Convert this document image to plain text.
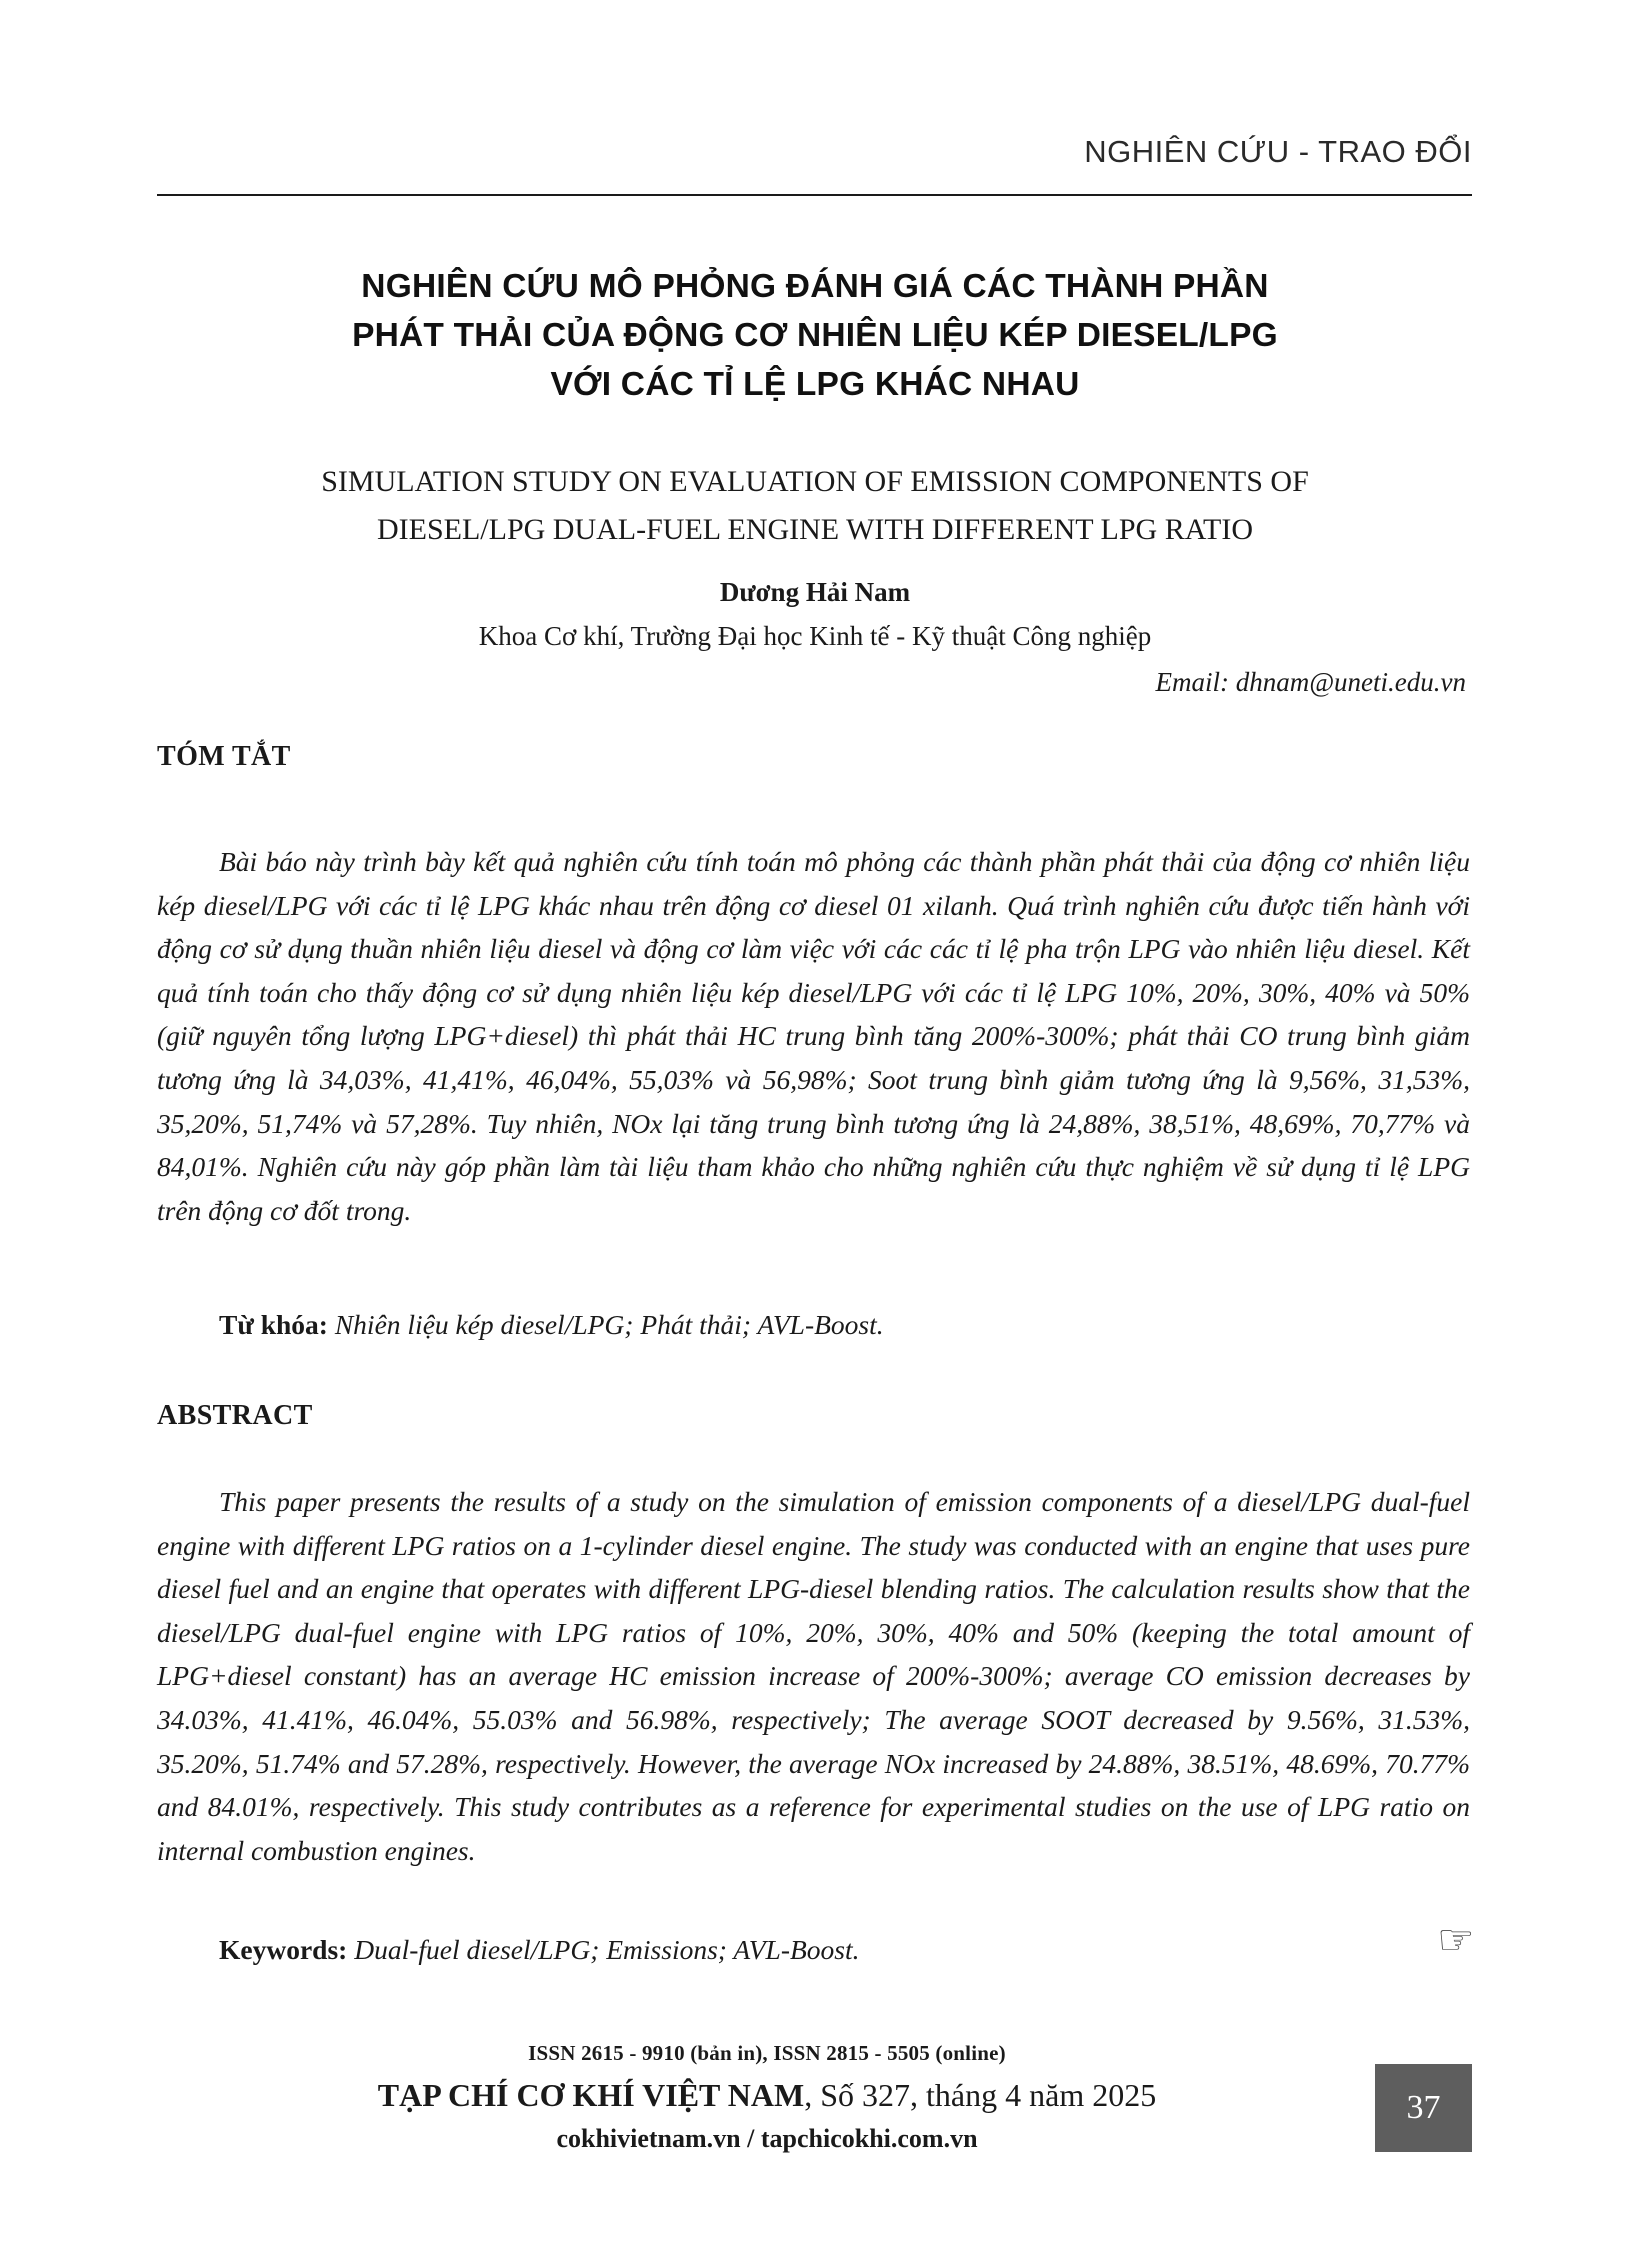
NGHIÊN CỨU - TRAO ĐỔI
NGHIÊN CỨU MÔ PHỎNG ĐÁNH GIÁ CÁC THÀNH PHẦN
PHÁT THẢI CỦA ĐỘNG CƠ NHIÊN LIỆU KÉP DIESEL/LPG
VỚI CÁC TỈ LỆ LPG KHÁC NHAU
SIMULATION STUDY ON EVALUATION OF EMISSION COMPONENTS OF
DIESEL/LPG DUAL-FUEL ENGINE WITH DIFFERENT LPG RATIO
Dương Hải Nam
Khoa Cơ khí, Trường Đại học Kinh tế - Kỹ thuật Công nghiệp
Email: dhnam@uneti.edu.vn
TÓM TẮT
Bài báo này trình bày kết quả nghiên cứu tính toán mô phỏng các thành phần phát thải của động cơ nhiên liệu kép diesel/LPG với các tỉ lệ LPG khác nhau trên động cơ diesel 01 xilanh. Quá trình nghiên cứu được tiến hành với động cơ sử dụng thuần nhiên liệu diesel và động cơ làm việc với các các tỉ lệ pha trộn LPG vào nhiên liệu diesel. Kết quả tính toán cho thấy động cơ sử dụng nhiên liệu kép diesel/LPG với các tỉ lệ LPG 10%, 20%, 30%, 40% và 50% (giữ nguyên tổng lượng LPG+diesel) thì phát thải HC trung bình tăng 200%-300%; phát thải CO trung bình giảm tương ứng là 34,03%, 41,41%, 46,04%, 55,03% và 56,98%; Soot trung bình giảm tương ứng là 9,56%, 31,53%, 35,20%, 51,74% và 57,28%. Tuy nhiên, NOx lại tăng trung bình tương ứng là 24,88%, 38,51%, 48,69%, 70,77% và 84,01%. Nghiên cứu này góp phần làm tài liệu tham khảo cho những nghiên cứu thực nghiệm về sử dụng tỉ lệ LPG trên động cơ đốt trong.
Từ khóa: Nhiên liệu kép diesel/LPG; Phát thải; AVL-Boost.
ABSTRACT
This paper presents the results of a study on the simulation of emission components of a diesel/LPG dual-fuel engine with different LPG ratios on a 1-cylinder diesel engine. The study was conducted with an engine that uses pure diesel fuel and an engine that operates with different LPG-diesel blending ratios. The calculation results show that the diesel/LPG dual-fuel engine with LPG ratios of 10%, 20%, 30%, 40% and 50% (keeping the total amount of LPG+diesel constant) has an average HC emission increase of 200%-300%; average CO emission decreases by 34.03%, 41.41%, 46.04%, 55.03% and 56.98%, respectively; The average SOOT decreased by 9.56%, 31.53%, 35.20%, 51.74% and 57.28%, respectively. However, the average NOx increased by 24.88%, 38.51%, 48.69%, 70.77% and 84.01%, respectively. This study contributes as a reference for experimental studies on the use of LPG ratio on internal combustion engines.
Keywords: Dual-fuel diesel/LPG; Emissions; AVL-Boost.	☞
ISSN 2615 - 9910 (bản in), ISSN 2815 - 5505 (online)
TẠP CHÍ CƠ KHÍ VIỆT NAM, Số 327, tháng 4 năm 2025
cokhivietnam.vn / tapchicokhi.com.vn
37
